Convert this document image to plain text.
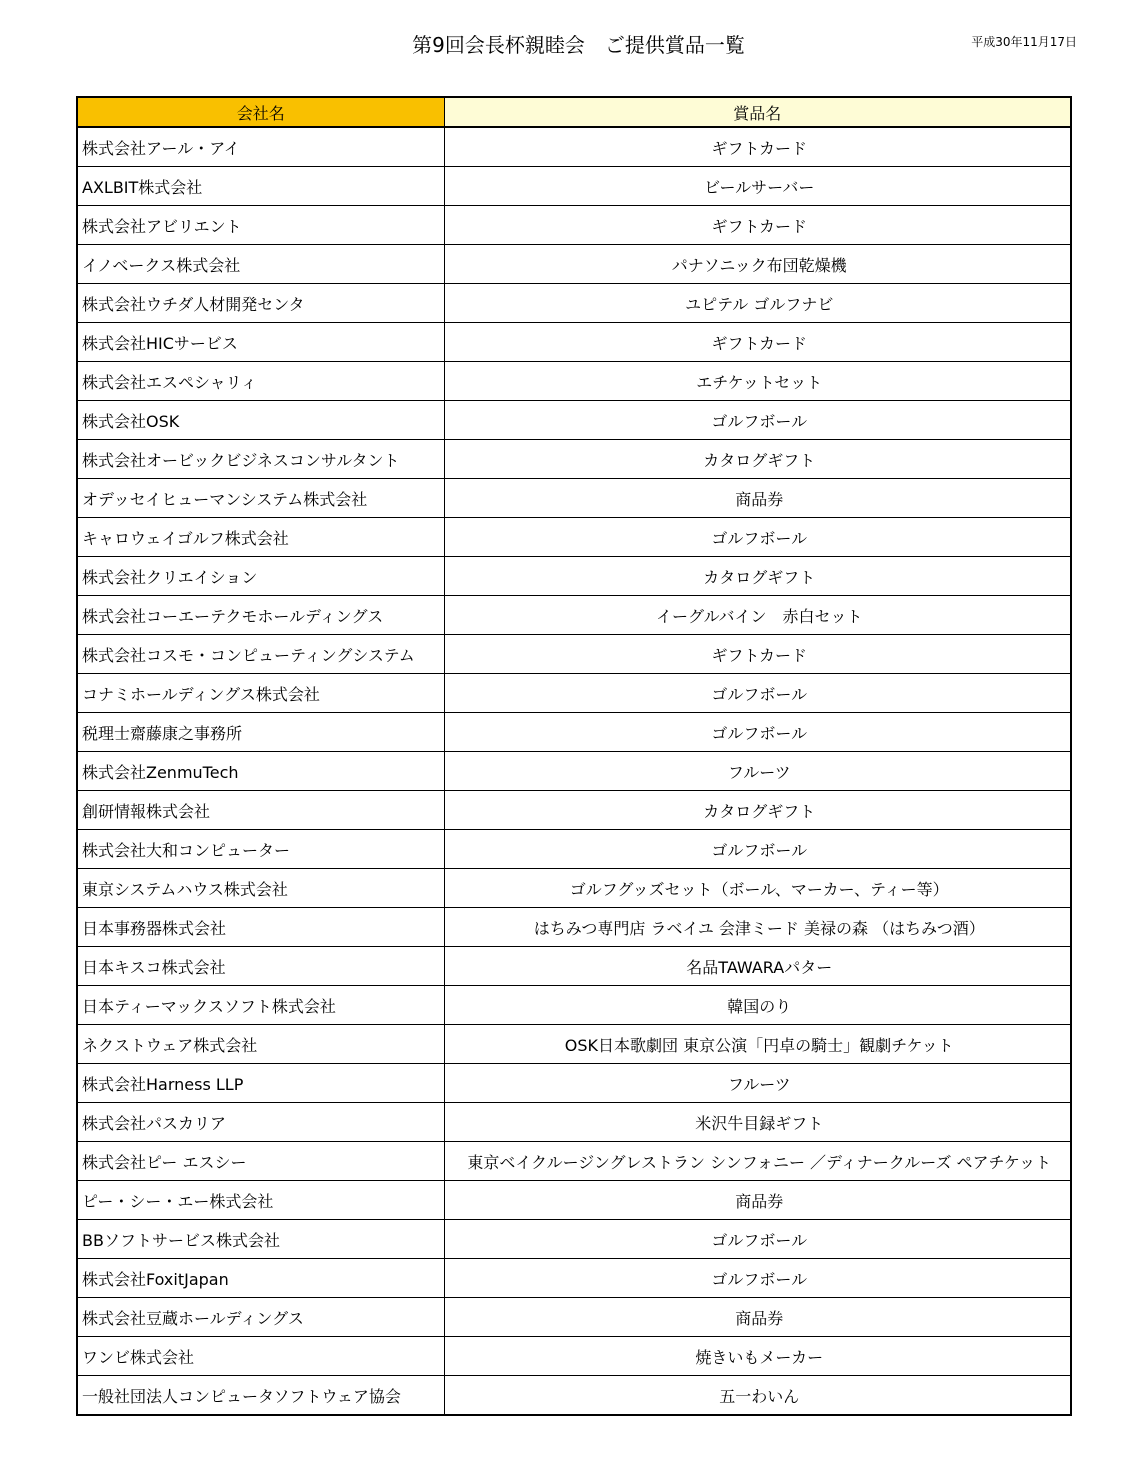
第9回会長杯親睦会　ご提供賞品一覧	平成30年11月17日
会社名	賞品名
株式会社アール・アイ	ギフトカード
AXLBIT株式会社	ビールサーバー
株式会社アビリエント	ギフトカード
イノベークス株式会社	パナソニック布団乾燥機
株式会社ウチダ人材開発センタ	ユピテル ゴルフナビ
株式会社HICサービス	ギフトカード
株式会社エスペシャリィ	エチケットセット
株式会社OSK	ゴルフボール
株式会社オービックビジネスコンサルタント	カタログギフト
オデッセイヒューマンシステム株式会社	商品券
キャロウェイゴルフ株式会社	ゴルフボール
株式会社クリエイション	カタログギフト
株式会社コーエーテクモホールディングス	イーグルバイン　赤白セット
株式会社コスモ・コンピューティングシステム	ギフトカード
コナミホールディングス株式会社	ゴルフボール
税理士齋藤康之事務所	ゴルフボール
株式会社ZenmuTech	フルーツ
創研情報株式会社	カタログギフト
株式会社大和コンピューター	ゴルフボール
東京システムハウス株式会社	ゴルフグッズセット（ボール、マーカー、ティー等）
日本事務器株式会社	はちみつ専門店 ラベイユ 会津ミード 美禄の森 （はちみつ酒）
日本キスコ株式会社	名品TAWARAパター
日本ティーマックスソフト株式会社	韓国のり
ネクストウェア株式会社	OSK日本歌劇団 東京公演「円卓の騎士」観劇チケット
株式会社Harness LLP	フルーツ
株式会社パスカリア	米沢牛目録ギフト
株式会社ピー エスシー	東京ベイクルージングレストラン シンフォニー ／ディナークルーズ ペアチケット
ピー・シー・エー株式会社	商品券
BBソフトサービス株式会社	ゴルフボール
株式会社FoxitJapan	ゴルフボール
株式会社豆蔵ホールディングス	商品券
ワンビ株式会社	焼きいもメーカー
一般社団法人コンピュータソフトウェア協会	五一わいん
